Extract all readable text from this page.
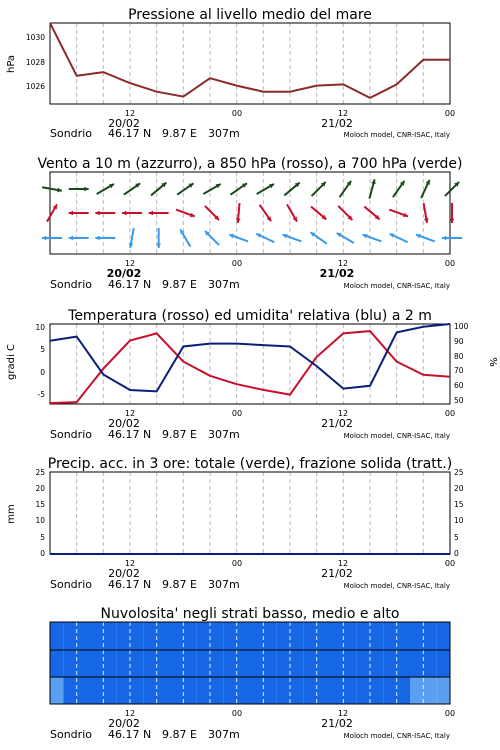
Pressione al livello medio del mare
hPa
1030
1028
1026
12	00	12	00
20/02	21/02
Sondrio 46.17 N 9.87 E 307m	Moloch model, CNR-ISAC, Italy
Vento a 10 m (azzurro), a 850 hPa (rosso), a 700 hPa (verde)
12	00	12	00
20/02	21/02
Sondrio 46.17 N 9.87 E 307m	Moloch model, CNR-ISAC, Italy
Temperatura (rosso) ed umidita' relativa (blu) a 2 m
gradi C	%
10
5
0
-5
100
90
80
70
60
50
12	00	12	00
20/02	21/02
Sondrio 46.17 N 9.87 E 307m	Moloch model, CNR-ISAC, Italy
Precip. acc. in 3 ore: totale (verde), frazione solida (tratt.)
mm
25
20
15
10
5
0
25
20
15
10
5
0
12	00	12	00
20/02	21/02
Sondrio 46.17 N 9.87 E 307m	Moloch model, CNR-ISAC, Italy
Nuvolosita' negli strati basso, medio e alto
12	00	12	00
20/02	21/02
Sondrio 46.17 N 9.87 E 307m	Moloch model, CNR-ISAC, Italy
